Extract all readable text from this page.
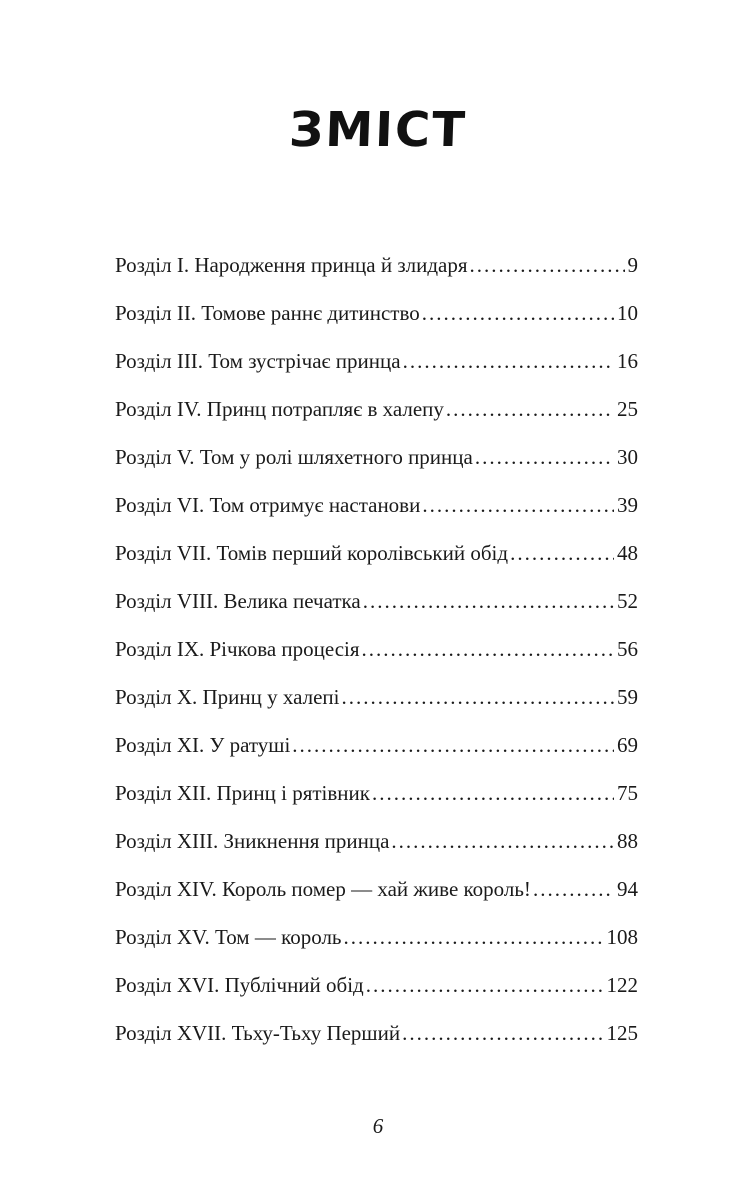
ЗМІСТ
Розділ I. Народження принца й злидаря .....	9
Розділ II. Томове раннє дитинство .....	10
Розділ III. Том зустрічає принца .....	16
Розділ IV. Принц потрапляє в халепу .....	25
Розділ V. Том у ролі шляхетного принца .....	30
Розділ VI. Том отримує настанови .....	39
Розділ VII. Томів перший королівський обід .....	48
Розділ VIII. Велика печатка .....	52
Розділ IX. Річкова процесія .....	56
Розділ X. Принц у халепі .....	59
Розділ XI. У ратуші .....	69
Розділ XII. Принц і рятівник .....	75
Розділ XIII. Зникнення принца .....	88
Розділ XIV. Король помер — хай живе король! .....	94
Розділ XV. Том — король .....	108
Розділ XVI. Публічний обід .....	122
Розділ XVII. Тьху-Тьху Перший .....	125
6
